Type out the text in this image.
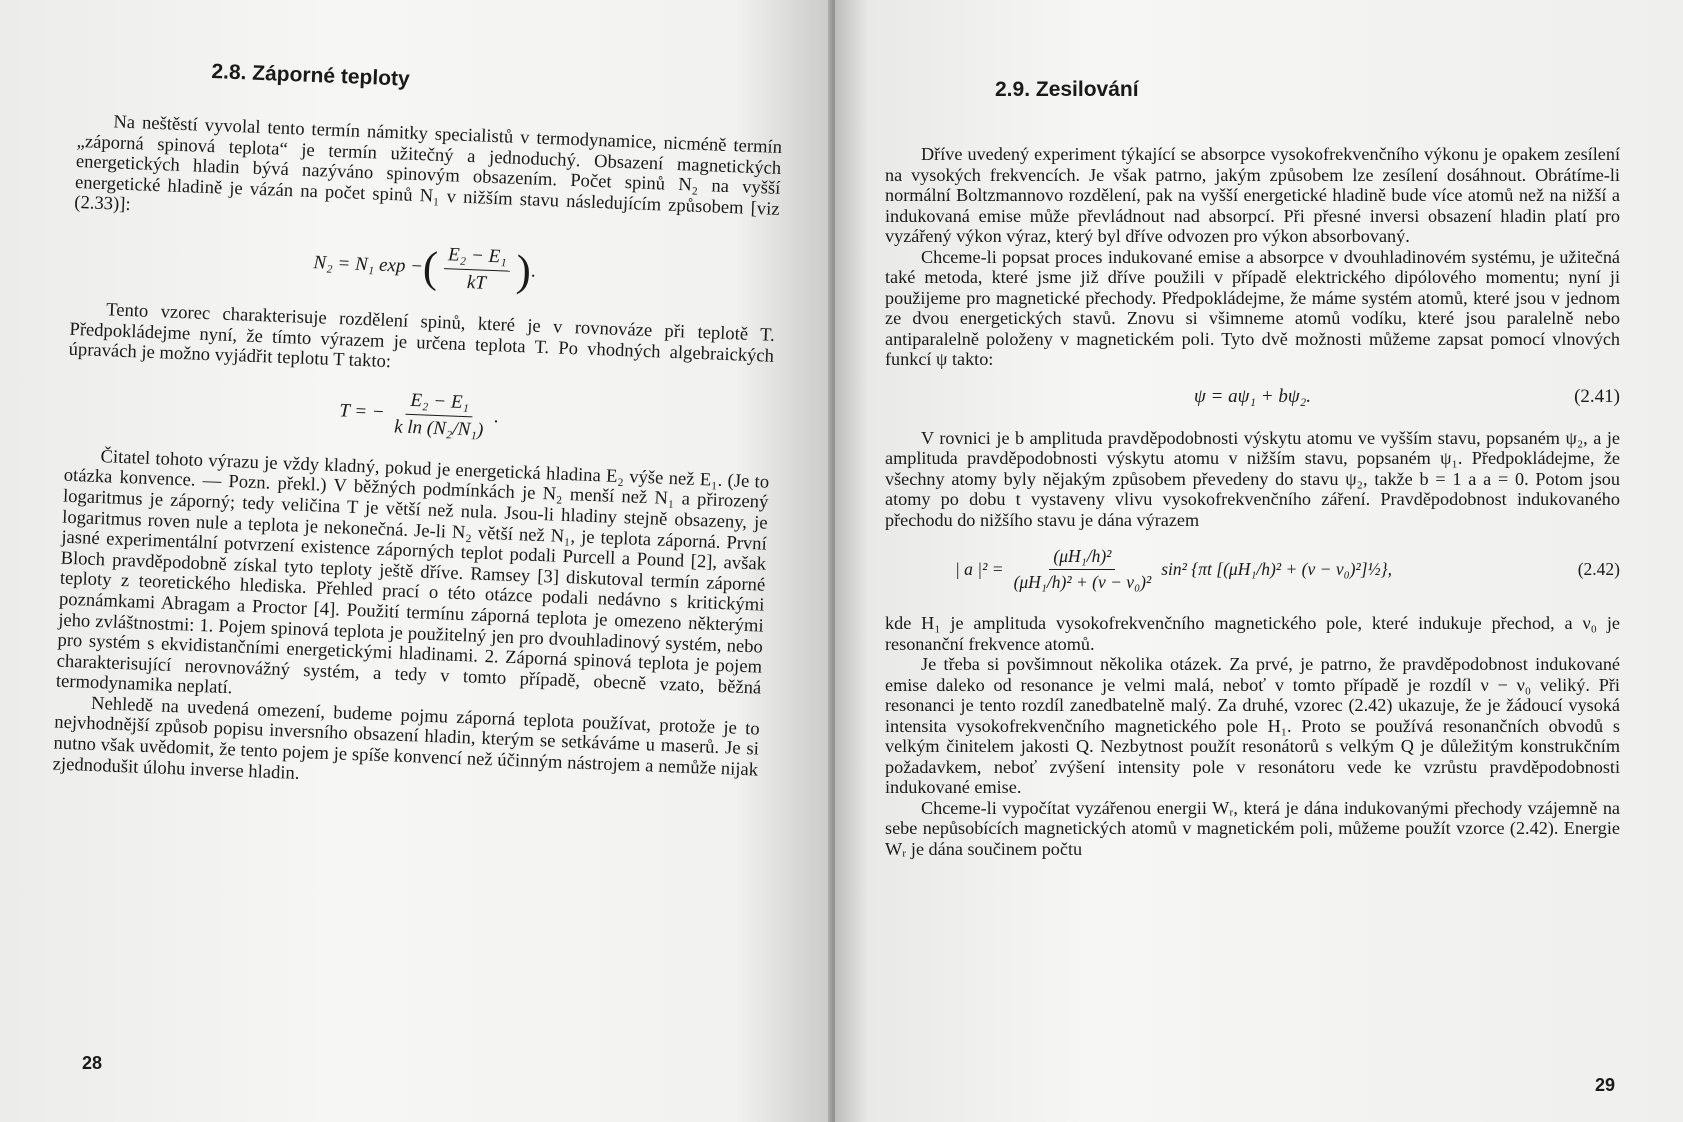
2.8. Záporné teploty

Na neštěstí vyvolal tento termín námitky specialistů v termodynamice, nicméně termín „záporná spinová teplota“ je termín užitečný a jednoduchý. Obsazení magnetických energetických hladin bývá nazýváno spinovým obsazením. Počet spinů N₂ na vyšší energetické hladině je vázán na počet spinů N₁ v nižším stavu následujícím způsobem [viz (2.33)]:

N₂ = N₁ exp −
( $\frac{\text{E₂ − E₁}}{kT}$ )
.

Tento vzorec charakterisuje rozdělení spinů, které je v rovnováze při teplotě T. Předpokládejme nyní, že tímto výrazem je určena teplota T. Po vhodných algebraických úpravách je možno vyjádřit teplotu T takto:

T = − $\frac{\text{E₂ − E₁}}{\text{k ln (N₂/N₁)}}$ .

Čitatel tohoto výrazu je vždy kladný, pokud je energetická hladina E₂ výše než E₁. (Je to otázka konvence. — Pozn. překl.) V běžných podmínkách je N₂ menší než N₁ a přirozený logaritmus je záporný; tedy veličina T je větší než nula. Jsou-li hladiny stejně obsazeny, je logaritmus roven nule a teplota je nekonečná. Je-li N₂ větší než N₁, je teplota záporná. První jasné experimentální potvrzení existence záporných teplot podali Purcell a Pound [2], avšak Bloch pravděpodobně získal tyto teploty ještě dříve. Ramsey [3] diskutoval termín záporné teploty z teoretického hlediska. Přehled prací o této otázce podali nedávno s kritickými poznámkami Abragam a Proctor [4]. Použití termínu záporná teplota je omezeno některými jeho zvláštnostmi: 1. Pojem spinová teplota je použitelný jen pro dvouhladinový systém, nebo pro systém s ekvidistančními energetickými hladinami. 2. Záporná spinová teplota je pojem charakterisující nerovnovážný systém, a tedy v tomto případě, obecně vzato, běžná termodynamika neplatí.

Nehledě na uvedená omezení, budeme pojmu záporná teplota používat, protože je to nejvhodnější způsob popisu inversního obsazení hladin, kterým se setkáváme u maserů. Je si nutno však uvědomit, že tento pojem je spíše konvencí než účinným nástrojem a nemůže nijak zjednodušit úlohu inverse hladin.

28
2.9. Zesilování

Dříve uvedený experiment týkající se absorpce vysokofrekvenčního výkonu je opakem zesílení na vysokých frekvencích. Je však patrno, jakým způsobem lze zesílení dosáhnout. Obrátíme-li normální Boltzmannovo rozdělení, pak na vyšší energetické hladině bude více atomů než na nižší a indukovaná emise může převládnout nad absorpcí. Při přesné inversi obsazení hladin platí pro vyzářený výkon výraz, který byl dříve odvozen pro výkon absorbovaný.

Chceme-li popsat proces indukované emise a absorpce v dvouhladinovém systému, je užitečná také metoda, které jsme již dříve použili v případě elektrického dipólového momentu; nyní ji použijeme pro magnetické přechody. Předpokládejme, že máme systém atomů, které jsou v jednom ze dvou energetických stavů. Znovu si všimneme atomů vodíku, které jsou paralelně nebo antiparalelně položeny v magnetickém poli. Tyto dvě možnosti můžeme zapsat pomocí vlnových funkcí ψ takto:

ψ = aψ₁ + bψ₂.	(2.41)

V rovnici je b amplituda pravděpodobnosti výskytu atomu ve vyšším stavu, popsaném ψ₂, a je amplituda pravděpodobnosti výskytu atomu v nižším stavu, popsaném ψ₁. Předpokládejme, že všechny atomy byly nějakým způsobem převedeny do stavu ψ₂, takže b = 1 a a = 0. Potom jsou atomy po dobu t vystaveny vlivu vysokofrekvenčního záření. Pravděpodobnost indukovaného přechodu do nižšího stavu je dána výrazem

| a $|^2 = \frac{\text{(μH₁/h)²}}{\text{(μH₁/h)² + (ν − ν₀)²}} \sin^2$ {πt [(μH₁/h)² + (ν − ν₀)²]½},	(2.42)

kde H₁ je amplituda vysokofrekvenčního magnetického pole, které indukuje přechod, a ν₀ je resonanční frekvence atomů.

Je třeba si povšimnout několika otázek. Za prvé, je patrno, že pravděpodobnost indukované emise daleko od resonance je velmi malá, neboť v tomto případě je rozdíl ν − ν₀ veliký. Při resonanci je tento rozdíl zanedbatelně malý. Za druhé, vzorec (2.42) ukazuje, že je žádoucí vysoká intensita vysokofrekvenčního magnetického pole H₁. Proto se používá resonančních obvodů s velkým činitelem jakosti Q. Nezbytnost použít resonátorů s velkým Q je důležitým konstrukčním požadavkem, neboť zvýšení intensity pole v resonátoru vede ke vzrůstu pravděpodobnosti indukované emise.

Chceme-li vypočítat vyzářenou energii Wᵣ, která je dána indukovanými přechody vzájemně na sebe nepůsobících magnetických atomů v magnetickém poli, můžeme použít vzorce (2.42). Energie Wᵣ je dána součinem počtu

29
